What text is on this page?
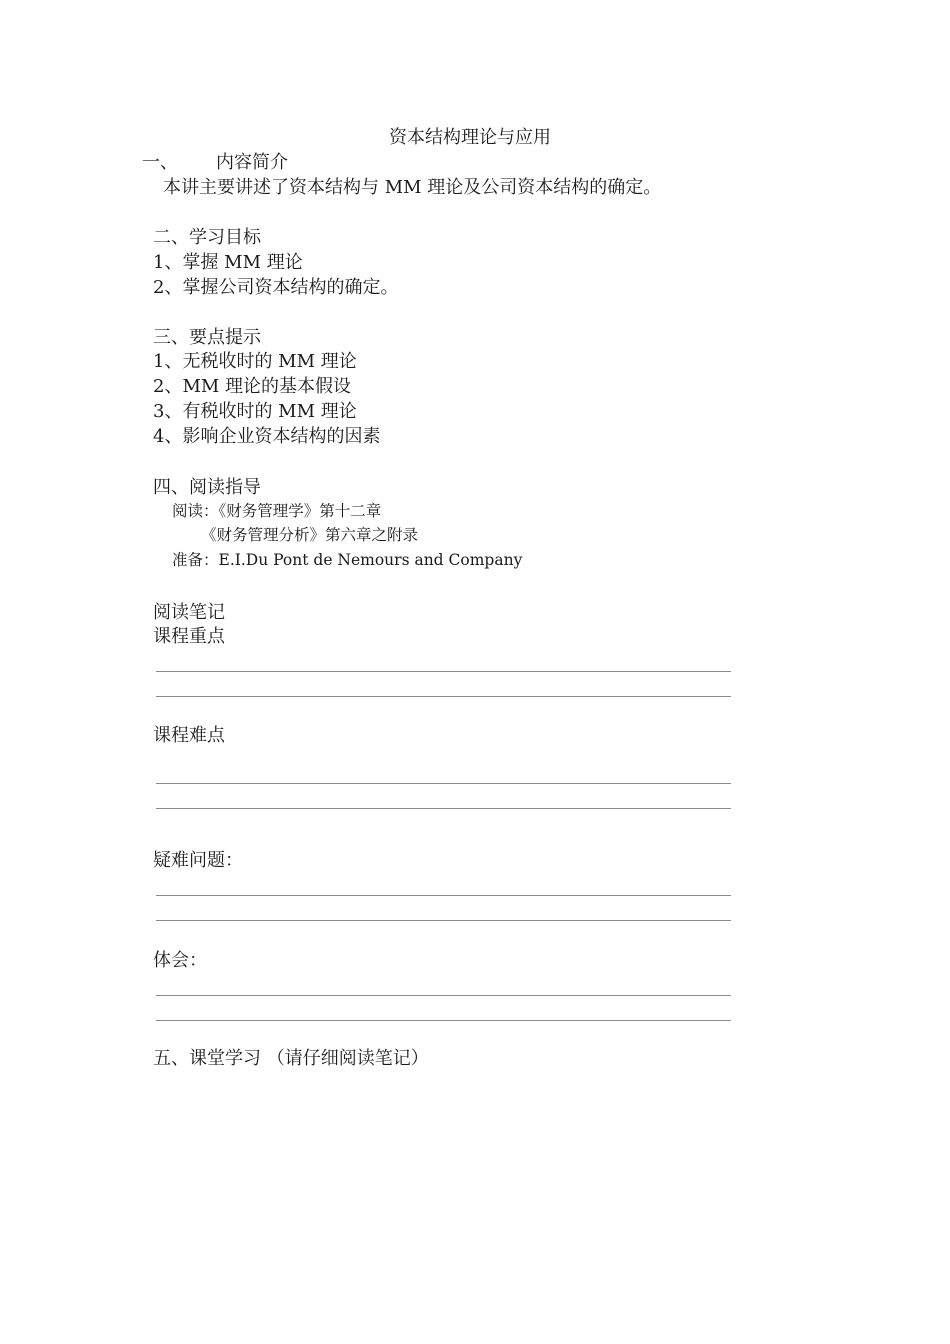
资本结构理论与应用
一、 内容简介
本讲主要讲述了资本结构与 MM 理论及公司资本结构的确定。
二、学习目标
1、掌握 MM 理论
2、掌握公司资本结构的确定。
三、要点提示
1、无税收时的 MM 理论
2、MM 理论的基本假设
3、有税收时的 MM 理论
4、影响企业资本结构的因素
四、阅读指导
阅读：《财务管理学》第十二章
《财务管理分析》第六章之附录
准备：E.I.Du Pont de Nemours and Company
阅读笔记
课程重点
课程难点
疑难问题：
体会：
五、课堂学习 （请仔细阅读笔记）
